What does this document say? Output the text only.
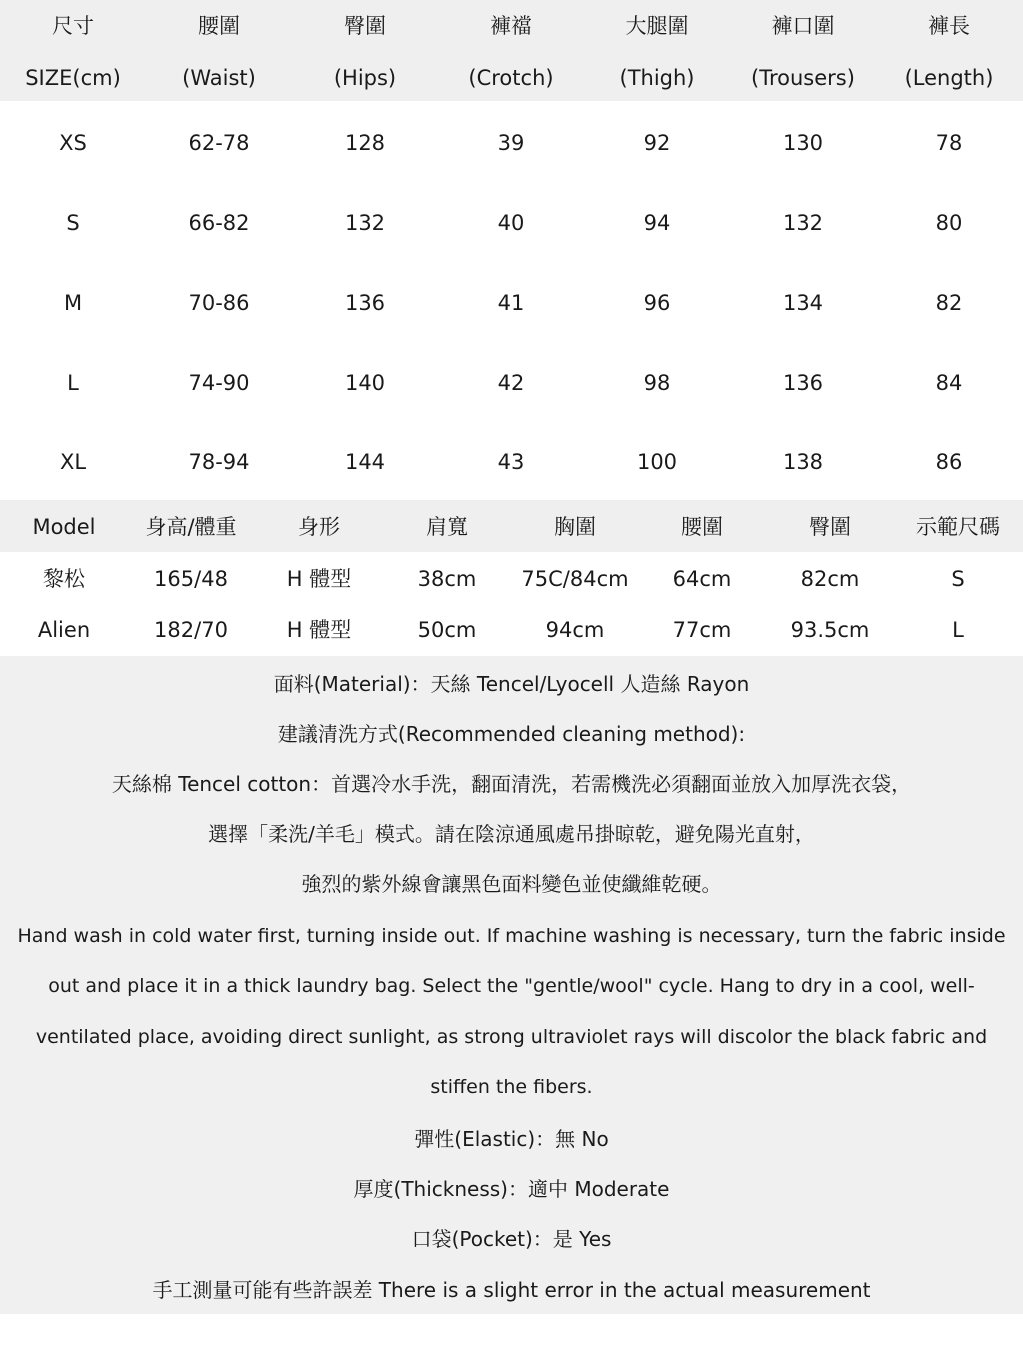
尺寸	腰圍	臀圍	褲襠	大腿圍	褲口圍	褲長
SIZE(cm)	(Waist)	(Hips)	(Crotch)	(Thigh)	(Trousers)	(Length)
XS	62-78	128	39	92	130	78
S	66-82	132	40	94	132	80
M	70-86	136	41	96	134	82
L	74-90	140	42	98	136	84
XL	78-94	144	43	100	138	86
Model	身高/體重	身形	肩寬	胸圍	腰圍	臀圍	示範尺碼
黎松	165/48	H 體型	38cm	75C/84cm	64cm	82cm	S
Alien	182/70	H 體型	50cm	94cm	77cm	93.5cm	L
面料(Material)：天絲 Tencel/Lyocell 人造絲 Rayon
建議清洗方式(Recommended cleaning method):
天絲棉 Tencel cotton：首選冷水手洗，翻面清洗，若需機洗必須翻面並放入加厚洗衣袋，
選擇「柔洗/羊毛」模式。請在陰涼通風處吊掛晾乾，避免陽光直射，
強烈的紫外線會讓黑色面料變色並使纖維乾硬。
Hand wash in cold water first, turning inside out. If machine washing is necessary, turn the fabric inside
out and place it in a thick laundry bag. Select the "gentle/wool" cycle. Hang to dry in a cool, well-
ventilated place, avoiding direct sunlight, as strong ultraviolet rays will discolor the black fabric and
stiffen the fibers.
彈性(Elastic)：無 No
厚度(Thickness)：適中 Moderate
口袋(Pocket)：是 Yes
手工測量可能有些許誤差 There is a slight error in the actual measurement
